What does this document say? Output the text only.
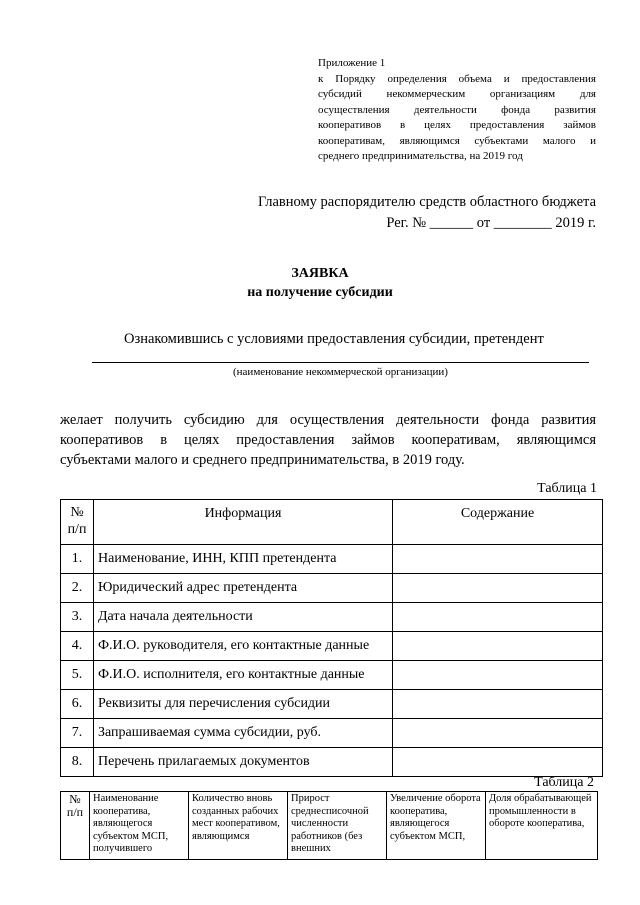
Приложение 1
к Порядку определения объема и предоставления
субсидий некоммерческим организациям для
осуществления деятельности фонда развития
кооперативов в целях предоставления займов
кооперативам, являющимся субъектами малого и
среднего предпринимательства, на 2019 год
Главному распорядителю средств областного бюджета
Рег. № ______ от ________ 2019 г.
ЗАЯВКА
на получение субсидии
Ознакомившись с условиями предоставления субсидии, претендент
(наименование некоммерческой организации)
желает получить субсидию для осуществления деятельности фонда развития
кооперативов в целях предоставления займов кооперативам, являющимся
субъектами малого и среднего предпринимательства, в 2019 году.
Таблица 1
№ п/п	Информация	Содержание
1.	Наименование, ИНН, КПП претендента	
2.	Юридический адрес претендента	
3.	Дата начала деятельности	
4.	Ф.И.О. руководителя, его контактные данные	
5.	Ф.И.О. исполнителя, его контактные данные	
6.	Реквизиты для перечисления субсидии	
7.	Запрашиваемая сумма субсидии, руб.	
8.	Перечень прилагаемых документов	
Таблица 2
№ п/п	Наименование кооператива, являющегося субъектом МСП, получившего	Количество вновь созданных рабочих мест кооперативом, являющимся	Прирост среднесписочной численности работников (без внешних	Увеличение оборота кооператива, являющегося субъектом МСП,	Доля обрабатывающей промышленности в обороте кооператива,
